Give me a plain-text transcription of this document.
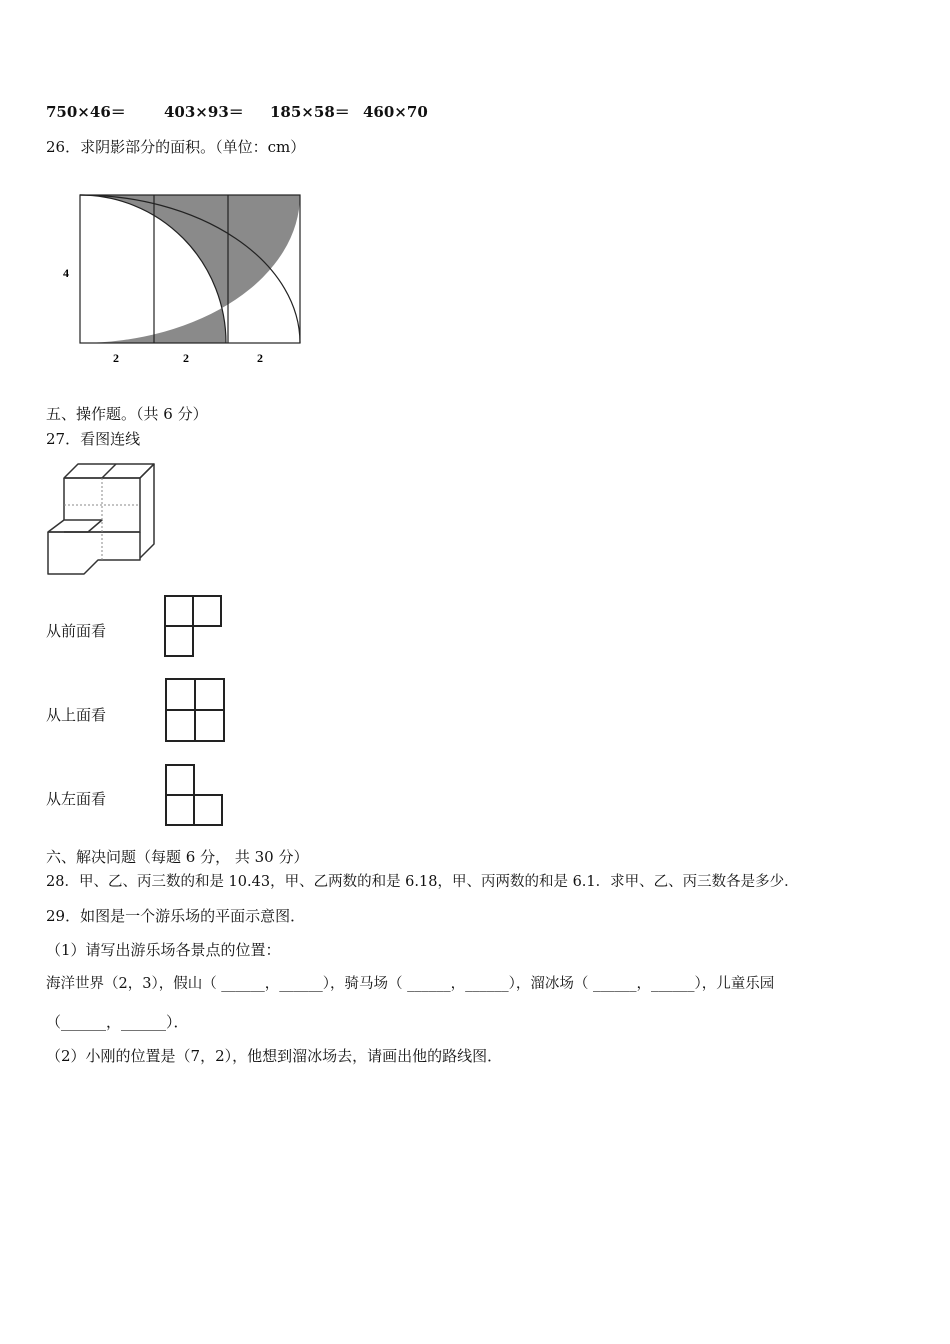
750×46＝	403×93＝ 185×58＝ 460×70
26．求阴影部分的面积。（单位：cm）
4
2	2	2
五、操作题。（共 6 分）
27．看图连线
从前面看
从上面看
从左面看
六、解决问题（每题 6 分， 共 30 分）
28．甲、乙、丙三数的和是 10.43，甲、乙两数的和是 6.18，甲、丙两数的和是 6.1．求甲、乙、丙三数各是多少．
29．如图是一个游乐场的平面示意图．
（1）请写出游乐场各景点的位置：
海洋世界（2，3），假山（ ______，______），骑马场（ ______，______），溜冰场（ ______，______），儿童乐园
（______，______）．
（2）小刚的位置是（7，2），他想到溜冰场去，请画出他的路线图．
